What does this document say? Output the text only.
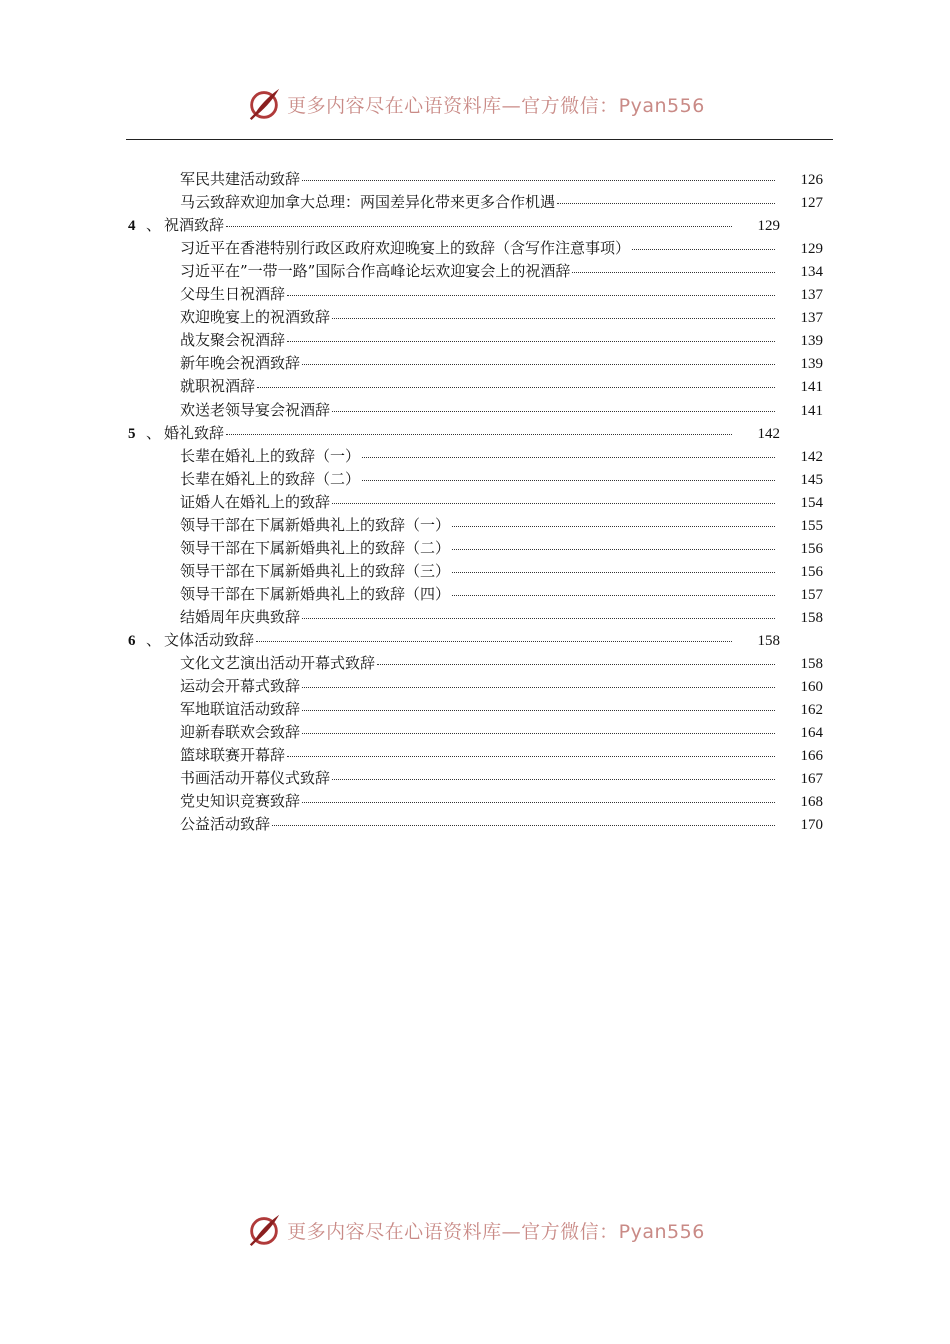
更多内容尽在心语资料库—官方微信：Pyan556
军民共建活动致辞	126
马云致辞欢迎加拿大总理：两国差异化带来更多合作机遇	127
4 、 祝酒致辞	129
习近平在香港特别行政区政府欢迎晚宴上的致辞（含写作注意事项）	129
习近平在”一带一路”国际合作高峰论坛欢迎宴会上的祝酒辞	134
父母生日祝酒辞	137
欢迎晚宴上的祝酒致辞	137
战友聚会祝酒辞	139
新年晚会祝酒致辞	139
就职祝酒辞	141
欢送老领导宴会祝酒辞	141
5 、 婚礼致辞	142
长辈在婚礼上的致辞（一）	142
长辈在婚礼上的致辞（二）	145
证婚人在婚礼上的致辞	154
领导干部在下属新婚典礼上的致辞（一）	155
领导干部在下属新婚典礼上的致辞（二）	156
领导干部在下属新婚典礼上的致辞（三）	156
领导干部在下属新婚典礼上的致辞（四）	157
结婚周年庆典致辞	158
6 、 文体活动致辞	158
文化文艺演出活动开幕式致辞	158
运动会开幕式致辞	160
军地联谊活动致辞	162
迎新春联欢会致辞	164
篮球联赛开幕辞	166
书画活动开幕仪式致辞	167
党史知识竞赛致辞	168
公益活动致辞	170
更多内容尽在心语资料库—官方微信：Pyan556
